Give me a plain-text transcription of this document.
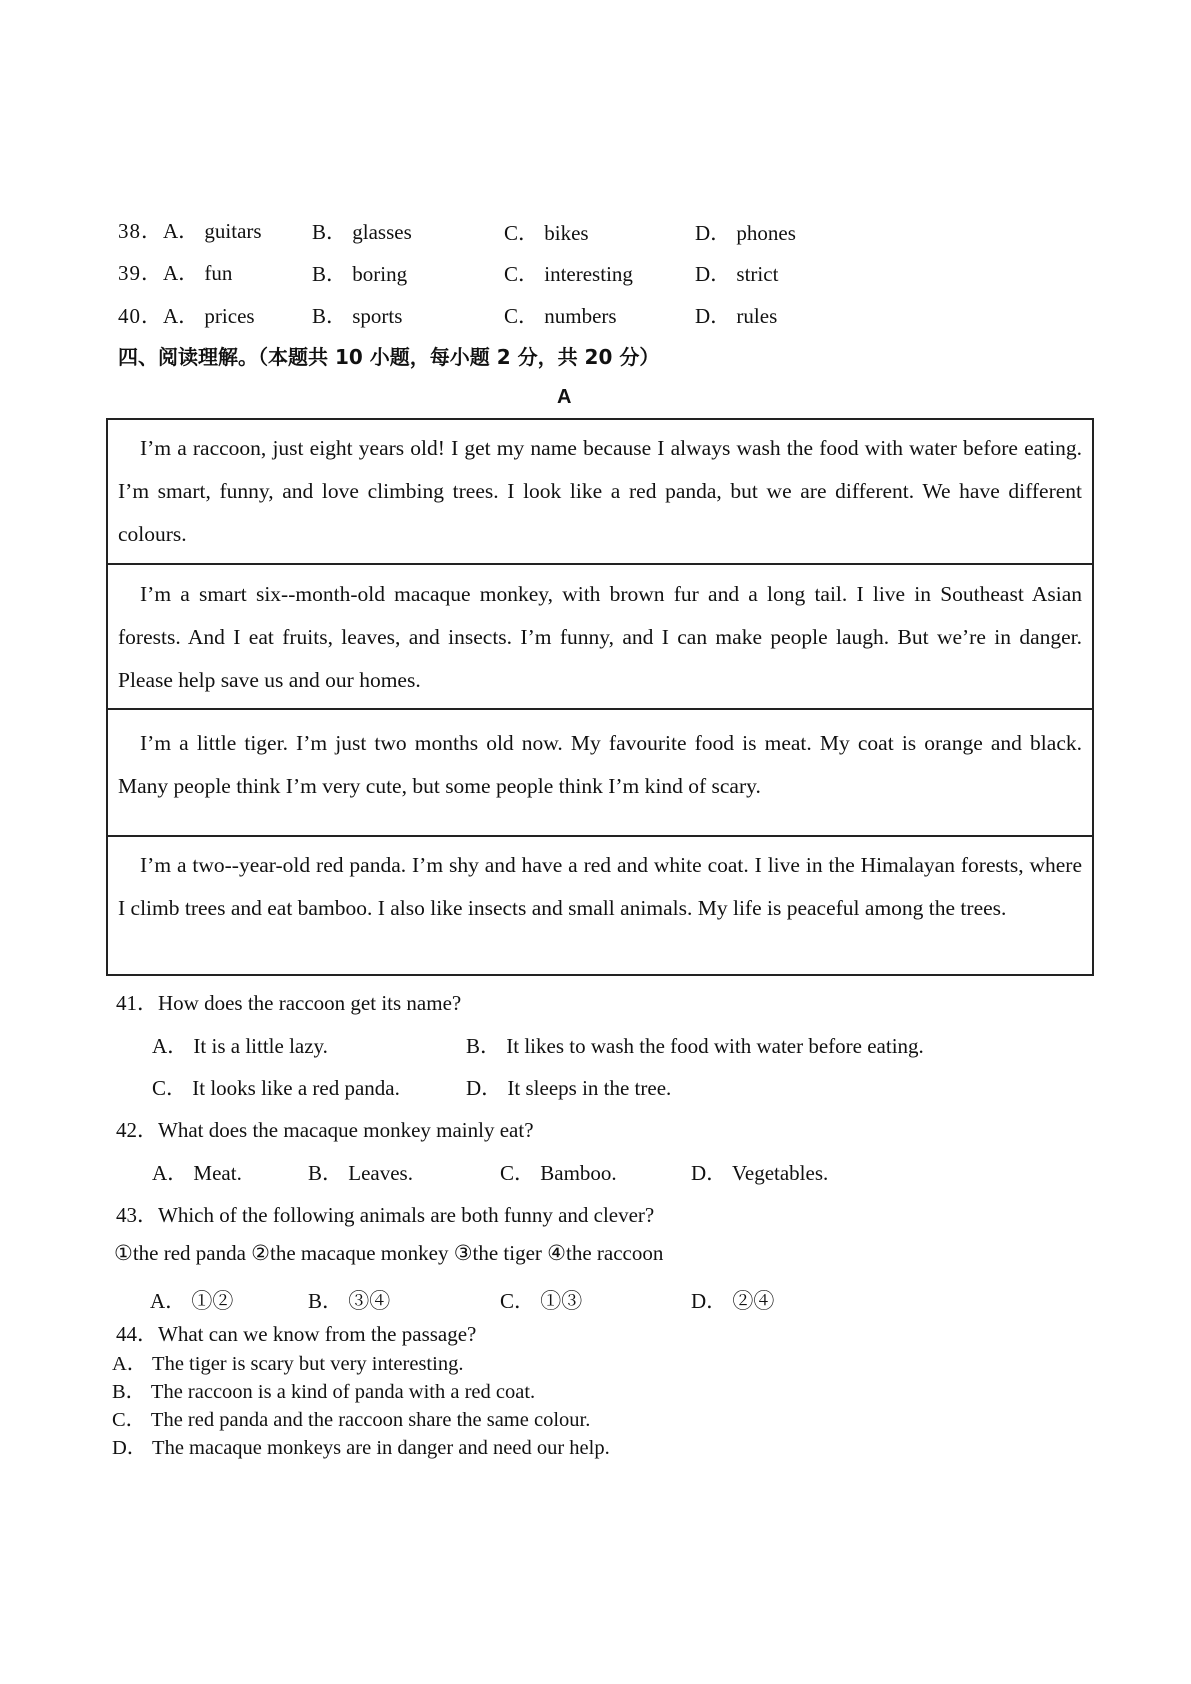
38． A． guitars B． glasses	C． bikes	D． phones
39． A． fun	B． boring	C． interesting	D． strict
40． A． prices	B． sports	C． numbers	D． rules
四、阅读理解。（本题共 10 小题，每小题 2 分，共 20 分）
A

I’m a raccoon, just eight years old! I get my name because I always wash the food with water before eating. I’m smart, funny, and love climbing trees. I look like a red panda, but we are different. We have different colours.

I’m a smart six--month-old macaque monkey, with brown fur and a long tail. I live in Southeast Asian forests. And I eat fruits, leaves, and insects. I’m funny, and I can make people laugh. But we’re in danger. Please help save us and our homes.

I’m a little tiger. I’m just two months old now. My favourite food is meat. My coat is orange and black. Many people think I’m very cute, but some people think I’m kind of scary.

I’m a two--year-old red panda. I’m shy and have a red and white coat. I live in the Himalayan forests, where I climb trees and eat bamboo. I also like insects and small animals. My life is peaceful among the trees.

41．How does the raccoon get its name?
A． It is a little lazy.	B． It likes to wash the food with water before eating.
C． It looks like a red panda.	D． It sleeps in the tree.
42．What does the macaque monkey mainly eat?
A． Meat.	B． Leaves.	C． Bamboo.	D． Vegetables.
43．Which of the following animals are both funny and clever?
①the red panda ②the macaque monkey ③the tiger ④the raccoon
A． ①②	B． ③④	C． ①③	D． ②④
44．What can we know from the passage?
A． The tiger is scary but very interesting.
B． The raccoon is a kind of panda with a red coat.
C． The red panda and the raccoon share the same colour.
D． The macaque monkeys are in danger and need our help.
